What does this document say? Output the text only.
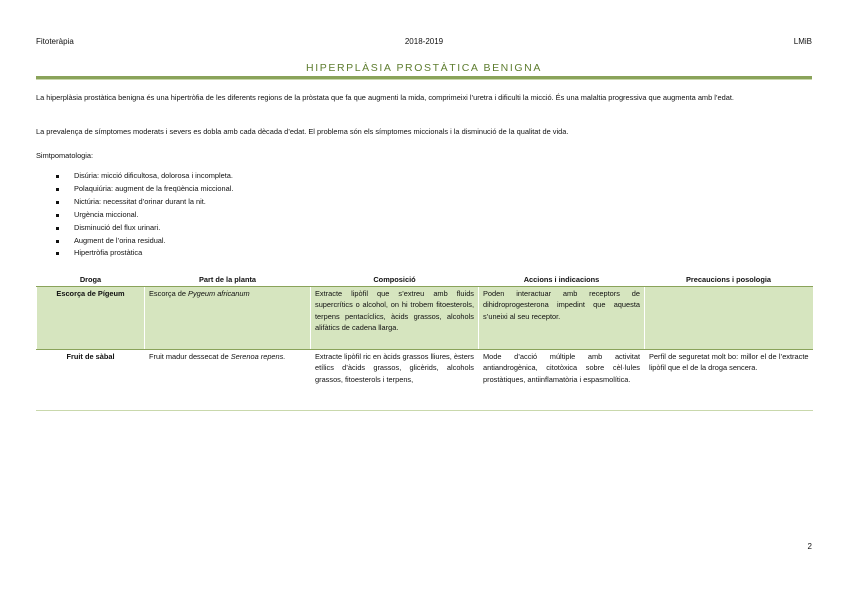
Fitoteràpia	2018-2019	LMiB
HIPERPLÀSIA PROSTÀTICA BENIGNA
La hiperplàsia prostàtica benigna és una hipertròfia de les diferents regions de la pròstata que fa que augmenti la mida, comprimeixi l’uretra i dificulti la micció. És una malaltia progressiva que augmenta amb l’edat.
La prevalença de símptomes moderats i severs es dobla amb cada dècada d’edat. El problema són els símptomes miccionals i la disminució de la qualitat de vida.
Simtpomatologia:
Disúria: micció dificultosa, dolorosa i incompleta.
Polaquiúria: augment de la freqüència miccional.
Nictúria: necessitat d’orinar durant la nit.
Urgència miccional.
Disminució del flux urinari.
Augment de l’orina residual.
Hipertròfia prostàtica
Droga	Part de la planta	Composició	Accions i indicacions	Precaucions i posologia
Escorça de Pígeum	Escorça de Pygeum africanum	Extracte lipòfil que s’extreu amb fluids supercrítics o alcohol, on hi trobem fitoesterols, terpens pentacíclics, àcids grassos, alcohols alifàtics de cadena llarga.	Poden interactuar amb receptors de dihidroprogesterona impedint que aquesta s’uneixi al seu receptor.	
Fruit de sàbal	Fruit madur dessecat de Serenoa repens.	Extracte lipòfil ric en àcids grassos lliures, èsters etílics d’àcids grassos, glicèrids, alcohols grassos, fitoesterols i terpens,	Mode d’acció múltiple amb activitat antiandrogènica, citotòxica sobre cèl·lules prostàtiques, antiinflamatòria i espasmolítica.	Perfil de seguretat molt bo: millor el de l’extracte lipòfil que el de la droga sencera.
2
